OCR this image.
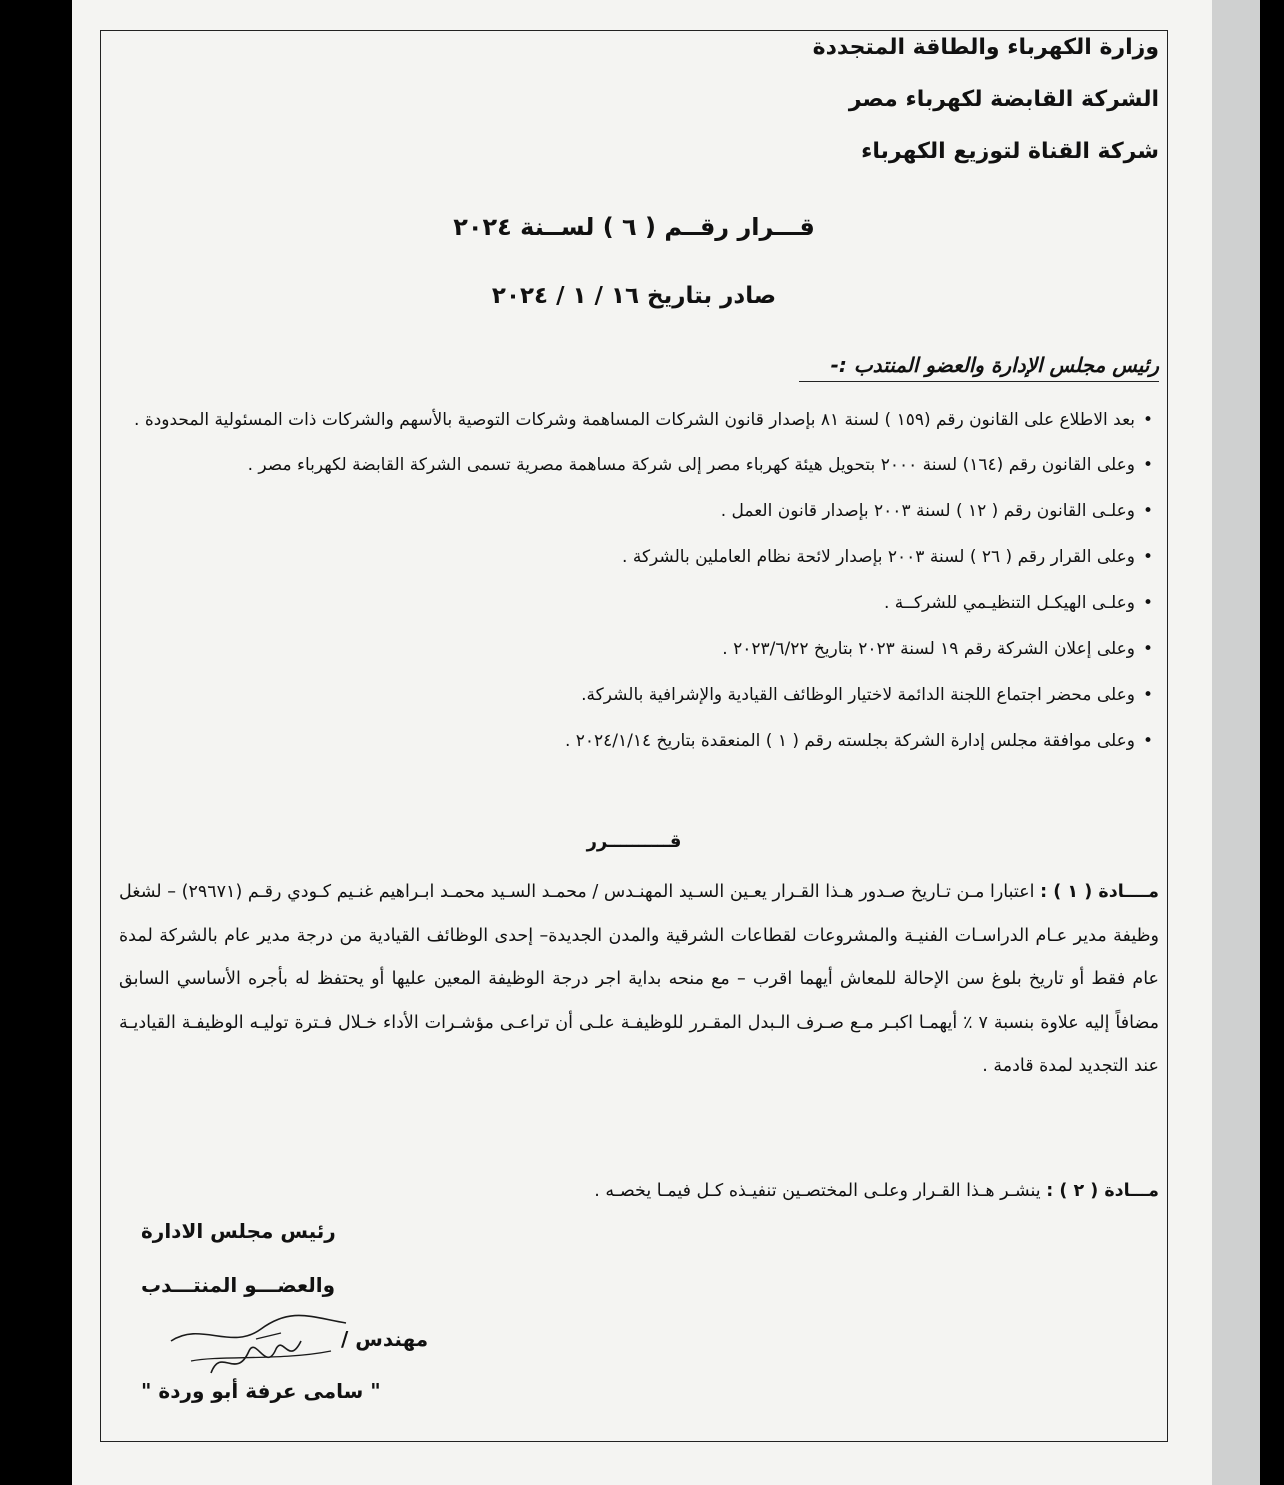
وزارة الكهرباء والطاقة المتجددة
الشركة القابضة لكهرباء مصر
شركة القناة لتوزيع الكهرباء
قـــرار رقــم ( ٦ ) لســنة ٢٠٢٤
صادر بتاريخ ١٦ / ١ / ٢٠٢٤
رئيس مجلس الإدارة والعضو المنتدب :-
• بعد الاطلاع على القانون رقم (١٥٩ ) لسنة ٨١ بإصدار قانون الشركات المساهمة وشركات التوصية بالأسهم والشركات ذات المسئولية المحدودة .
• وعلى القانون رقم (١٦٤) لسنة ٢٠٠٠ بتحويل هيئة كهرباء مصر إلى شركة مساهمة مصرية تسمى الشركة القابضة لكهرباء مصر .
• وعلـى القانون رقم ( ١٢ ) لسنة ٢٠٠٣ بإصدار قانون العمل .
• وعلى القرار رقم ( ٢٦ ) لسنة ٢٠٠٣ بإصدار لائحة نظام العاملين بالشركة .
• وعلـى الهيكـل التنظيـمي للشركــة .
• وعلى إعلان الشركة رقم ١٩ لسنة ٢٠٢٣ بتاريخ ٢٠٢٣/٦/٢٢ .
• وعلى محضر اجتماع اللجنة الدائمة لاختيار الوظائف القيادية والإشرافية بالشركة.
• وعلى موافقة مجلس إدارة الشركة بجلسته رقم ( ١ ) المنعقدة بتاريخ ٢٠٢٤/١/١٤ .
قــــــــــرر
مــــادة ( ١ ) : اعتبارا مـن تـاريخ صـدور هـذا القـرار يعـين السـيد المهنـدس / محمـد السـيد محمـد ابـراهيم غنـيم كـودي رقـم (٢٩٦٧١) – لشغل وظيفة مدير عـام الدراسـات الفنيـة والمشروعات لقطاعات الشرقية والمدن الجديدة– إحدى الوظائف القيادية من درجة مدير عام بالشركة لمدة عام فقط أو تاريخ بلوغ سن الإحالة للمعاش أيهما اقرب – مع منحه بداية اجر درجة الوظيفة المعين عليها أو يحتفظ له بأجره الأساسي السابق مضافاً إليه علاوة بنسبة ٧ ٪ أيهمـا اكبـر مـع صـرف الـبدل المقـرر للوظيفـة علـى أن تراعـى مؤشـرات الأداء خـلال فـترة توليـه الوظيفـة القياديـة عند التجديد لمدة قادمة .
مـــادة ( ٢ ) : ينشـر هـذا القـرار وعلـى المختصـين تنفيـذه كـل فيمـا يخصـه .
رئيس مجلس الادارة
والعضـــو المنتـــدب
مهندس /
" سامى عرفة أبو وردة "
